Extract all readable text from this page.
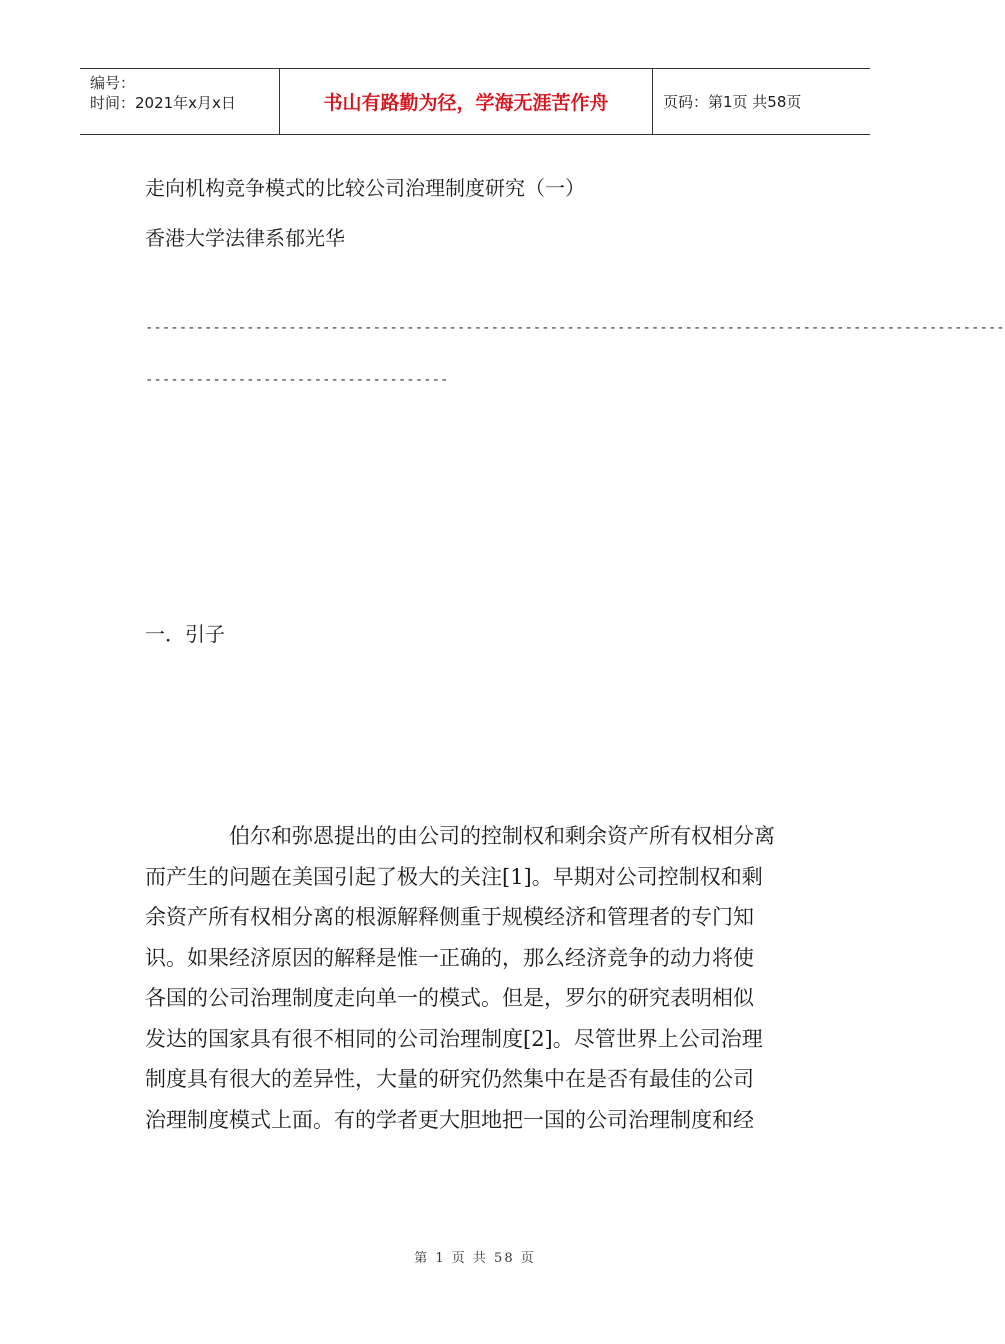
编号：
时间：2021年x月x日	书山有路勤为径，学海无涯苦作舟	页码：第1页 共58页
走向机构竞争模式的比较公司治理制度研究（一）
香港大学法律系郁光华
------------------------------------------------------------------------------------------------------
------------------------------------
一．引子

伯尔和弥恩提出的由公司的控制权和剩余资产所有权相分离

而产生的问题在美国引起了极大的关注[1]。早期对公司控制权和剩

余资产所有权相分离的根源解释侧重于规模经济和管理者的专门知

识。如果经济原因的解释是惟一正确的，那么经济竞争的动力将使

各国的公司治理制度走向单一的模式。但是，罗尔的研究表明相似

发达的国家具有很不相同的公司治理制度[2]。尽管世界上公司治理

制度具有很大的差异性，大量的研究仍然集中在是否有最佳的公司

治理制度模式上面。有的学者更大胆地把一国的公司治理制度和经

第 1 页 共 58 页
